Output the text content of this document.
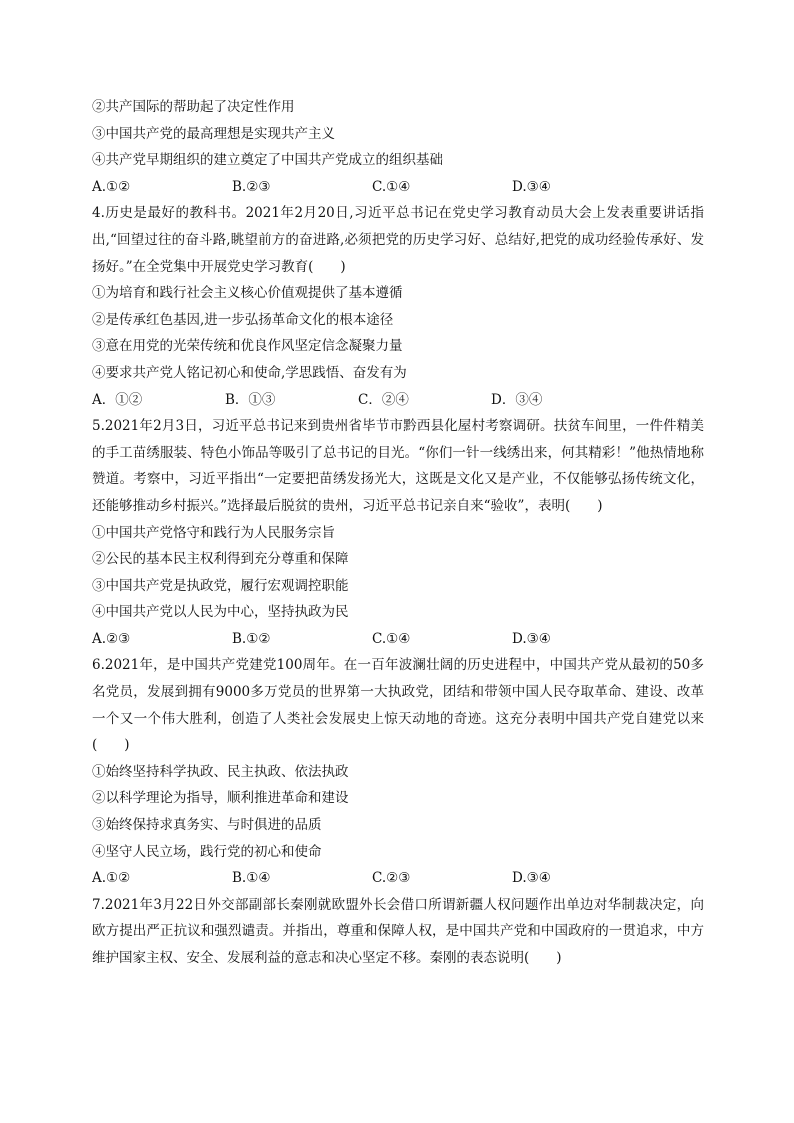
②共产国际的帮助起了决定性作用
③中国共产党的最高理想是实现共产主义
④共产党早期组织的建立奠定了中国共产党成立的组织基础
A.①②	B.②③	C.①④	D.③④
4.历史是最好的教科书。2021年2月20日,习近平总书记在党史学习教育动员大会上发表重要讲话指出,“回望过往的奋斗路,眺望前方的奋进路,必须把党的历史学习好、总结好,把党的成功经验传承好、发扬好。”在全党集中开展党史学习教育(　　)
①为培育和践行社会主义核心价值观提供了基本遵循
②是传承红色基因,进一步弘扬革命文化的根本途径
③意在用党的光荣传统和优良作风坚定信念凝聚力量
④要求共产党人铭记初心和使命,学思践悟、奋发有为
A．①②	B．①③	C．②④	D．③④
5.2021年2月3日，习近平总书记来到贵州省毕节市黔西县化屋村考察调研。扶贫车间里，一件件精美的手工苗绣服装、特色小饰品等吸引了总书记的目光。“你们一针一线绣出来，何其精彩！”他热情地称赞道。考察中，习近平指出“一定要把苗绣发扬光大，这既是文化又是产业，不仅能够弘扬传统文化，还能够推动乡村振兴。”选择最后脱贫的贵州，习近平总书记亲自来“验收”，表明(　　)
①中国共产党恪守和践行为人民服务宗旨
②公民的基本民主权利得到充分尊重和保障
③中国共产党是执政党，履行宏观调控职能
④中国共产党以人民为中心，坚持执政为民
A.②③	B.①②	C.①④	D.③④
6.2021年，是中国共产党建党100周年。在一百年波澜壮阔的历史进程中，中国共产党从最初的50多名党员，发展到拥有9000多万党员的世界第一大执政党，团结和带领中国人民夺取革命、建设、改革一个又一个伟大胜利，创造了人类社会发展史上惊天动地的奇迹。这充分表明中国共产党自建党以来(　　)
①始终坚持科学执政、民主执政、依法执政
②以科学理论为指导，顺利推进革命和建设
③始终保持求真务实、与时俱进的品质
④坚守人民立场，践行党的初心和使命
A.①②	B.①④	C.②③	D.③④
7.2021年3月22日外交部副部长秦刚就欧盟外长会借口所谓新疆人权问题作出单边对华制裁决定，向欧方提出严正抗议和强烈谴责。并指出，尊重和保障人权，是中国共产党和中国政府的一贯追求，中方维护国家主权、安全、发展利益的意志和决心坚定不移。秦刚的表态说明(　　)
